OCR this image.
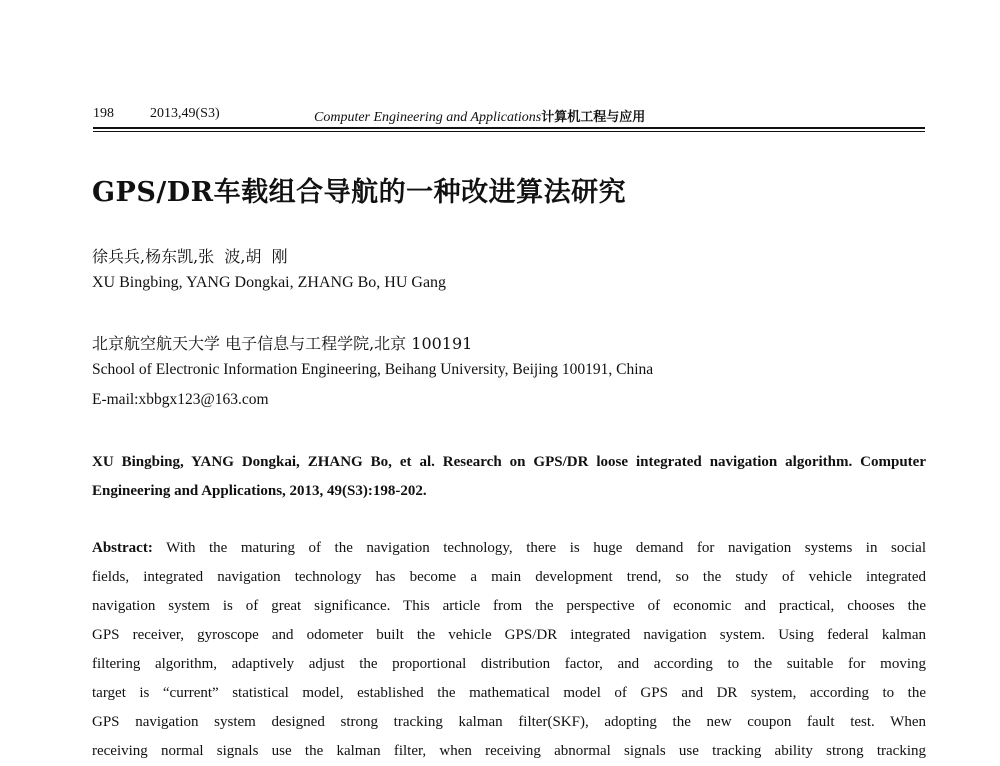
198	2013,49(S3)	Computer Engineering and Applications计算机工程与应用
GPS/DR车载组合导航的一种改进算法研究
徐兵兵,杨东凯,张  波,胡  刚
XU Bingbing, YANG Dongkai, ZHANG Bo, HU Gang
北京航空航天大学 电子信息与工程学院,北京 100191
School of Electronic Information Engineering, Beihang University, Beijing 100191, China
E-mail:xbbgx123@163.com
XU Bingbing, YANG Dongkai, ZHANG Bo, et al. Research on GPS/DR loose integrated navigation algorithm. Computer Engineering and Applications, 2013, 49(S3):198-202.
Abstract: With the maturing of the navigation technology, there is huge demand for navigation systems in social
fields, integrated navigation technology has become a main development trend, so the study of vehicle integrated
navigation system is of great significance. This article from the perspective of economic and practical, chooses the
GPS receiver, gyroscope and odometer built the vehicle GPS/DR integrated navigation system. Using federal kalman
filtering algorithm, adaptively adjust the proportional distribution factor, and according to the suitable for moving
target is “current” statistical model, established the mathematical model of GPS and DR system, according to the
GPS navigation system designed strong tracking kalman filter(SKF), adopting the new coupon fault test. When
receiving normal signals use the kalman filter, when receiving abnormal signals use tracking ability strong tracking
